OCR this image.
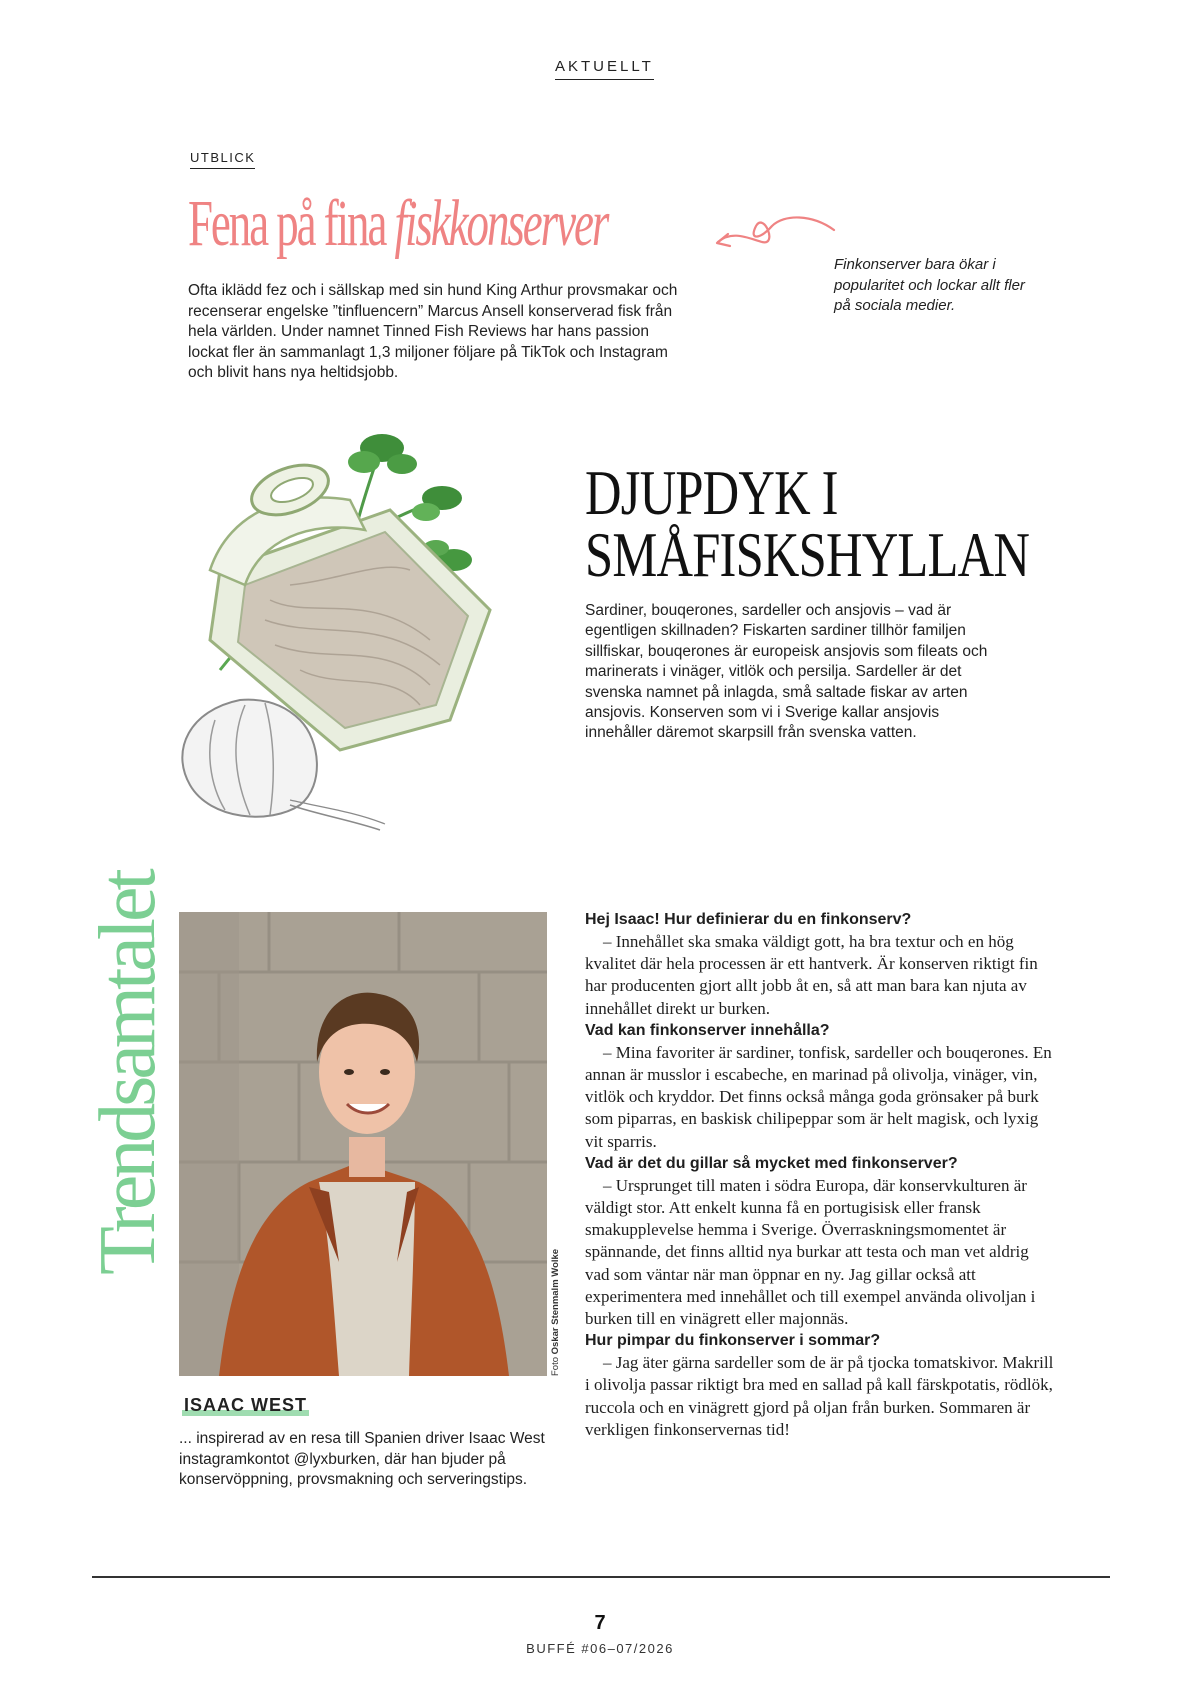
AKTUELLT
UTBLICK
Fena på fina fiskkonserver
Ofta iklädd fez och i sällskap med sin hund King Arthur provsmakar och recenserar engelske ”tinfluencern” Marcus Ansell konserverad fisk från hela världen. Under namnet Tinned Fish Reviews har hans passion lockat fler än sammanlagt 1,3 miljoner följare på TikTok och Instagram och blivit hans nya heltidsjobb.
Finkonserver bara ökar i popularitet och lockar allt fler på sociala medier.
DJUPDYK I
SMÅFISKSHYLLAN
Sardiner, bouqerones, sardeller och ansjovis – vad är egentligen skillnaden? Fiskarten sardiner tillhör familjen sillfiskar, bouqerones är europeisk ansjovis som fileats och marinerats i vinäger, vitlök och persilja. Sardeller är det svenska namnet på inlagda, små saltade fiskar av arten ansjovis. Konserven som vi i Sverige kallar ansjovis innehåller däremot skarpsill från svenska vatten.
Trendsamtalet
Foto Oskar Stenmalm Wolke
ISAAC WEST
... inspirerad av en resa till Spanien driver Isaac West instagramkontot @lyxburken, där han bjuder på konservöppning, provsmakning och serveringstips.

Hej Isaac! Hur definierar du en finkonserv?

– Innehållet ska smaka väldigt gott, ha bra textur och en hög kvalitet där hela processen är ett hantverk. Är konserven riktigt fin har producenten gjort allt jobb åt en, så att man bara kan njuta av innehållet direkt ur burken.

Vad kan finkonserver innehålla?

– Mina favoriter är sardiner, tonfisk, sardeller och bouqerones. En annan är musslor i escabeche, en marinad på olivolja, vinäger, vin, vitlök och kryddor. Det finns också många goda grönsaker på burk som piparras, en baskisk chilipeppar som är helt magisk, och lyxig vit sparris.

Vad är det du gillar så mycket med finkonserver?

– Ursprunget till maten i södra Europa, där konservkulturen är väldigt stor. Att enkelt kunna få en portugisisk eller fransk smakupplevelse hemma i Sverige. Överraskningsmomentet är spännande, det finns alltid nya burkar att testa och man vet aldrig vad som väntar när man öppnar en ny. Jag gillar också att experimentera med innehållet och till exempel använda olivoljan i burken till en vinägrett eller majonnäs.

Hur pimpar du finkonserver i sommar?

– Jag äter gärna sardeller som de är på tjocka tomatskivor. Makrill i olivolja passar riktigt bra med en sallad på kall färskpotatis, rödlök, ruccola och en vinägrett gjord på oljan från burken. Sommaren är verkligen finkonservernas tid!

7
BUFFÉ #06–07/2026
